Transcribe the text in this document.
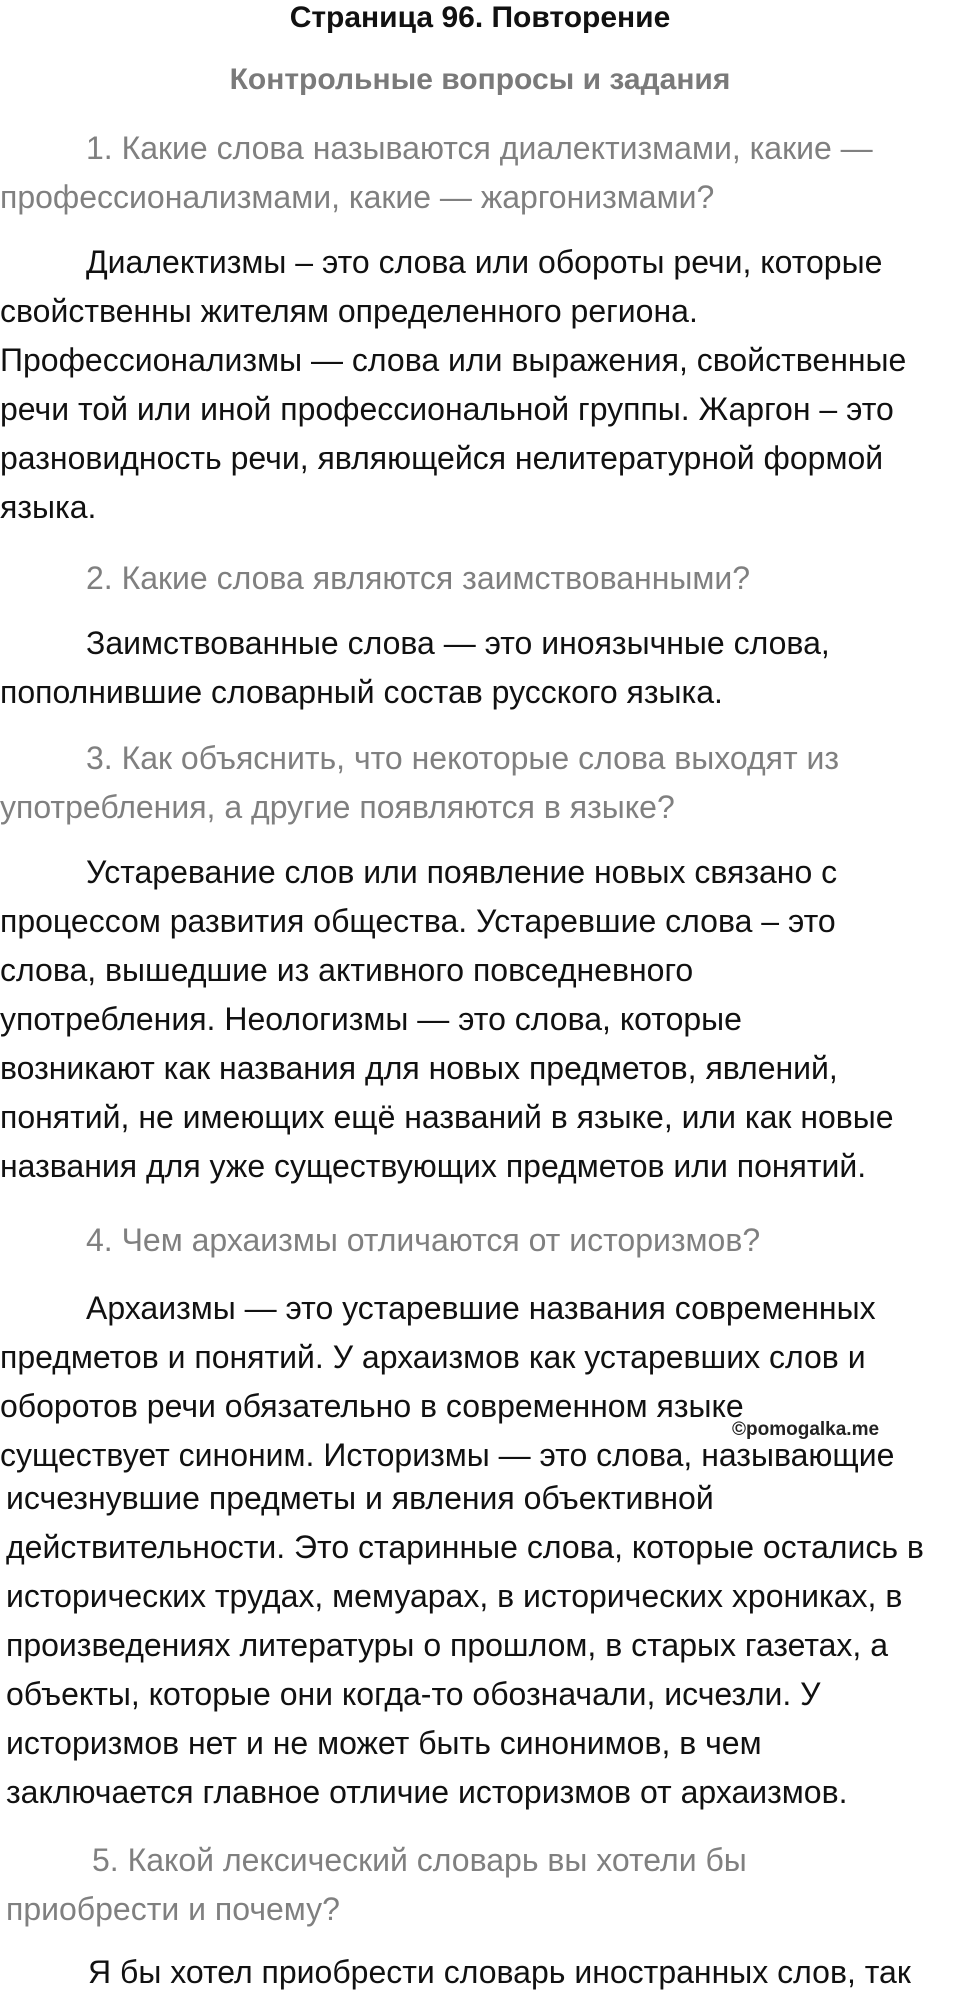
Страница 96. Повторение
Контрольные вопросы и задания
1. Какие слова называются диалектизмами, какие —
профессионализмами, какие — жаргонизмами?
Диалектизмы – это слова или обороты речи, которые
свойственны жителям определенного региона.
Профессионализмы — слова или выражения, свойственные
речи той или иной профессиональной группы. Жаргон – это
разновидность речи, являющейся нелитературной формой
языка.
2. Какие слова являются заимствованными?
Заимствованные слова — это иноязычные слова,
пополнившие словарный состав русского языка.
3. Как объяснить, что некоторые слова выходят из
употребления, а другие появляются в языке?
Устаревание слов или появление новых связано с
процессом развития общества. Устаревшие слова – это
слова, вышедшие из активного повседневного
употребления. Неологизмы — это слова, которые
возникают как названия для новых предметов, явлений,
понятий, не имеющих ещё названий в языке, или как новые
названия для уже существующих предметов или понятий.
4. Чем архаизмы отличаются от историзмов?
Архаизмы — это устаревшие названия современных
предметов и понятий. У архаизмов как устаревших слов и
оборотов речи обязательно в современном языке
существует синоним. Историзмы — это слова, называющие
©pomogalka.me
исчезнувшие предметы и явления объективной
действительности. Это старинные слова, которые остались в
исторических трудах, мемуарах, в исторических хрониках, в
произведениях литературы о прошлом, в старых газетах, а
объекты, которые они когда-то обозначали, исчезли. У
историзмов нет и не может быть синонимов, в чем
заключается главное отличие историзмов от архаизмов.
5. Какой лексический словарь вы хотели бы
приобрести и почему?
Я бы хотел приобрести словарь иностранных слов, так
